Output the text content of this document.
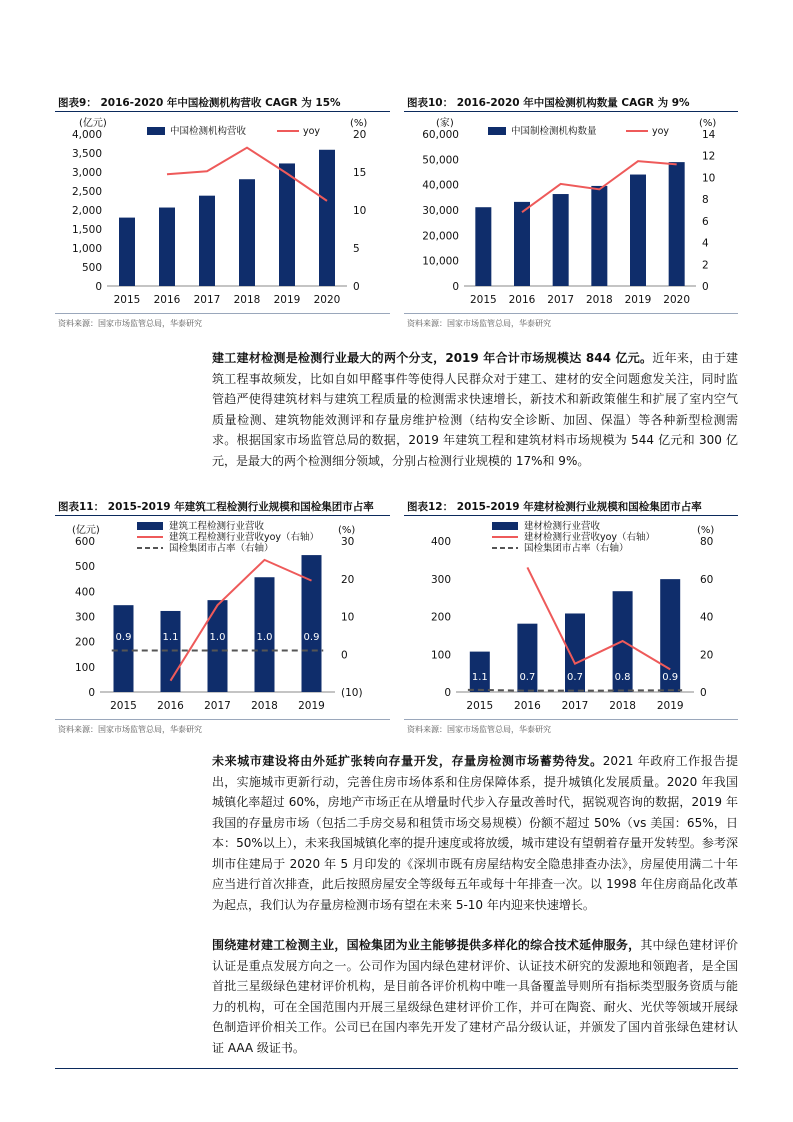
图表9： 2016-2020 年中国检测机构营收 CAGR 为 15%
0
500
1,000
1,500
2,000
2,500
3,000
3,500
4,000
0
5
10
15
20
(亿元)	(%)
2015 2016 2017 2018 2019 2020
中国检测机构营收	yoy
资料来源：国家市场监管总局，华泰研究
图表10： 2016-2020 年中国检测机构数量 CAGR 为 9%
0
10,000
20,000
30,000
40,000
50,000
60,000
0
2
4
6
8
10
12
14
(家)	(%)
2015 2016 2017 2018 2019 2020
中国制检测机构数量	yoy
资料来源：国家市场监管总局，华泰研究
建工建材检测是检测行业最大的两个分支，2019 年合计市场规模达 844 亿元。近年来，由于建筑工程事故频发，比如自如甲醛事件等使得人民群众对于建工、建材的安全问题愈发关注，同时监管趋严使得建筑材料与建筑工程质量的检测需求快速增长，新技术和新政策催生和扩展了室内空气质量检测、建筑物能效测评和存量房维护检测（结构安全诊断、加固、保温）等各种新型检测需求。根据国家市场监管总局的数据，2019 年建筑工程和建筑材料市场规模为 544 亿元和 300 亿元，是最大的两个检测细分领域，分别占检测行业规模的 17%和 9%。
图表11： 2015-2019 年建筑工程检测行业规模和国检集团市占率
0
100
200
300
400
500
600
(10)
0
10
20
30
(亿元)	(%)
2015 2016 2017 2018 2019
0.9	1.1	1.0	1.0	0.9
建筑工程检测行业营收
建筑工程检测行业营收yoy（右轴）
国检集团市占率（右轴）
资料来源：国家市场监管总局，华泰研究
图表12： 2015-2019 年建材检测行业规模和国检集团市占率
0
100
200
300
400
0
20
40
60
80
(%)
2015 2016 2017 2018 2019
1.1	0.7	0.7	0.8	0.9
建材检测行业营收
建材检测行业营收yoy（右轴）
国检集团市占率（右轴）
资料来源：国家市场监管总局，华泰研究
未来城市建设将由外延扩张转向存量开发，存量房检测市场蓄势待发。2021 年政府工作报告提出，实施城市更新行动，完善住房市场体系和住房保障体系，提升城镇化发展质量。2020 年我国城镇化率超过 60%，房地产市场正在从增量时代步入存量改善时代，据锐观咨询的数据，2019 年我国的存量房市场（包括二手房交易和租赁市场交易规模）份额不超过 50%（vs 美国：65%，日本：50%以上），未来我国城镇化率的提升速度或将放缓，城市建设有望朝着存量开发转型。参考深圳市住建局于 2020 年 5 月印发的《深圳市既有房屋结构安全隐患排查办法》，房屋使用满二十年应当进行首次排查，此后按照房屋安全等级每五年或每十年排查一次。以 1998 年住房商品化改革为起点，我们认为存量房检测市场有望在未来 5-10 年内迎来快速增长。
围绕建材建工检测主业，国检集团为业主能够提供多样化的综合技术延伸服务，其中绿色建材评价认证是重点发展方向之一。公司作为国内绿色建材评价、认证技术研究的发源地和领跑者，是全国首批三星级绿色建材评价机构，是目前各评价机构中唯一具备覆盖导则所有指标类型服务资质与能力的机构，可在全国范围内开展三星级绿色建材评价工作，并可在陶瓷、耐火、光伏等领域开展绿色制造评价相关工作。公司已在国内率先开发了建材产品分级认证，并颁发了国内首张绿色建材认证 AAA 级证书。
